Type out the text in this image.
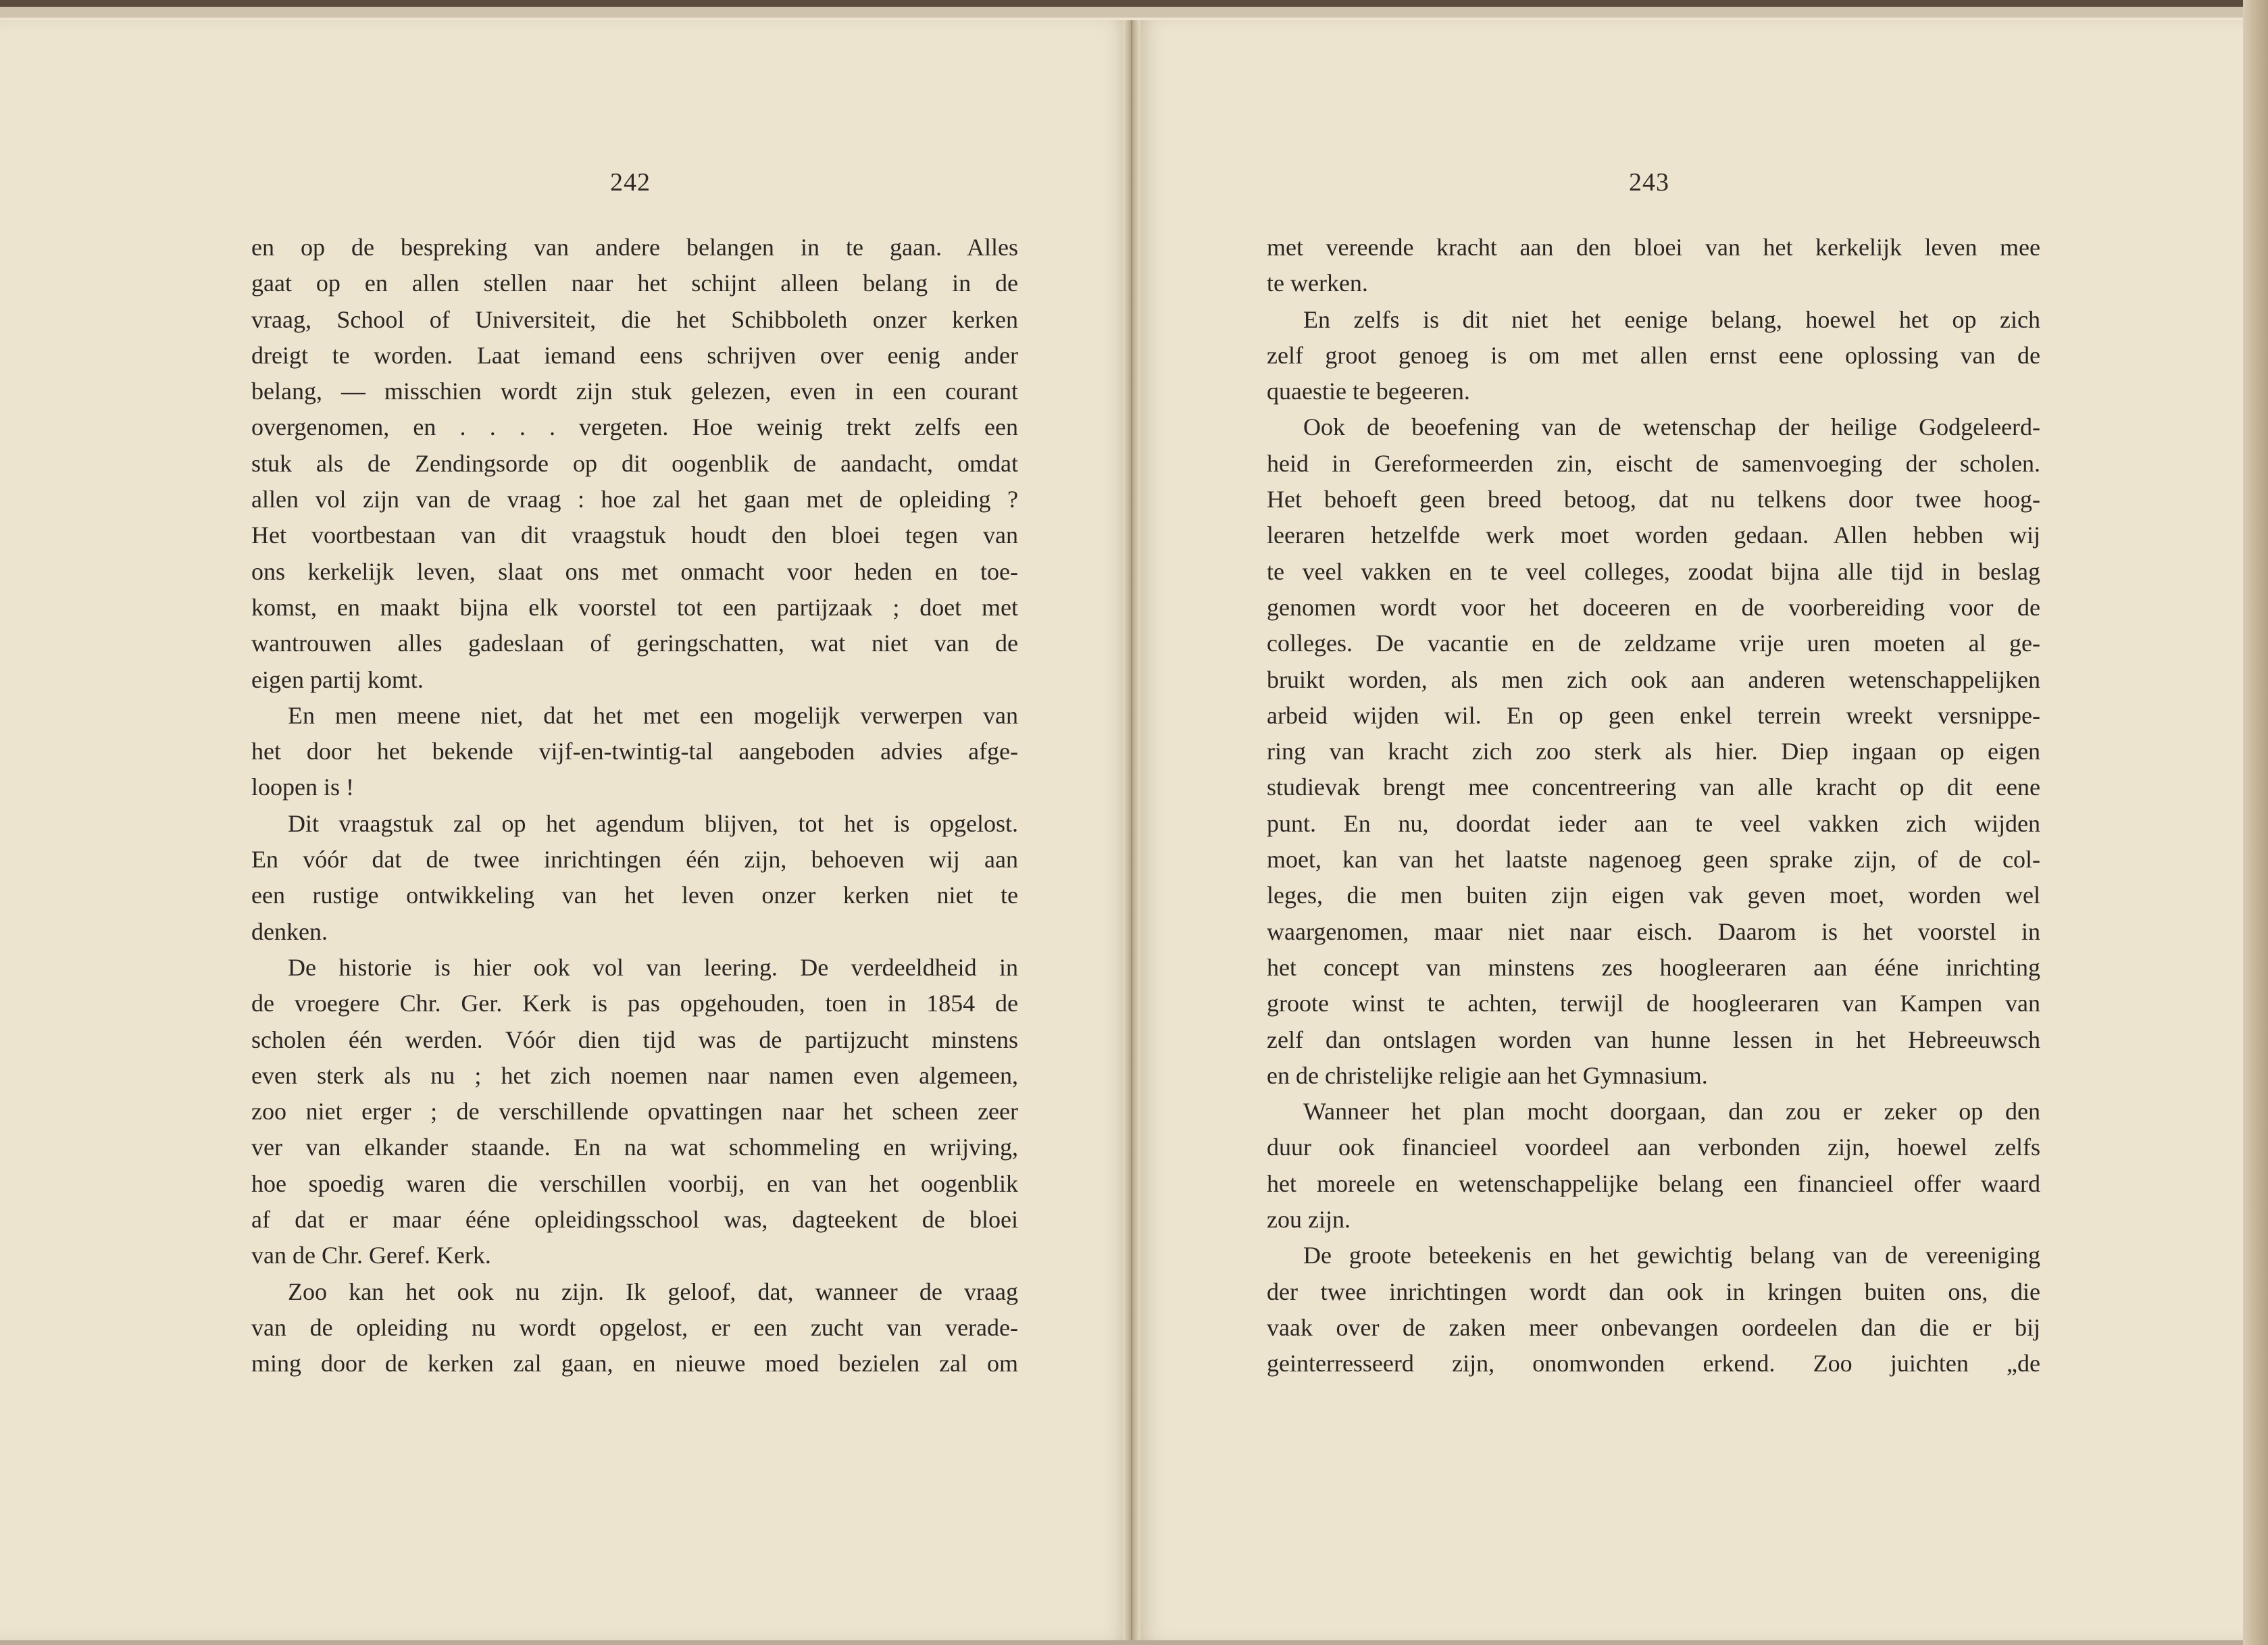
242	243
en op de bespreking van andere belangen in te gaan. Alles
gaat op en allen stellen naar het schijnt alleen belang in de
vraag, School of Universiteit, die het Schibboleth onzer kerken
dreigt te worden. Laat iemand eens schrijven over eenig ander
belang, — misschien wordt zijn stuk gelezen, even in een courant
overgenomen, en . . . . vergeten. Hoe weinig trekt zelfs een
stuk als de Zendingsorde op dit oogenblik de aandacht, omdat
allen vol zijn van de vraag : hoe zal het gaan met de opleiding ?
Het voortbestaan van dit vraagstuk houdt den bloei tegen van
ons kerkelijk leven, slaat ons met onmacht voor heden en toe-
komst, en maakt bijna elk voorstel tot een partijzaak ; doet met
wantrouwen alles gadeslaan of geringschatten, wat niet van de
eigen partij komt.
En men meene niet, dat het met een mogelijk verwerpen van
het door het bekende vijf-en-twintig-tal aangeboden advies afge-
loopen is !
Dit vraagstuk zal op het agendum blijven, tot het is opgelost.
En vóór dat de twee inrichtingen één zijn, behoeven wij aan
een rustige ontwikkeling van het leven onzer kerken niet te
denken.
De historie is hier ook vol van leering. De verdeeldheid in
de vroegere Chr. Ger. Kerk is pas opgehouden, toen in 1854 de
scholen één werden. Vóór dien tijd was de partijzucht minstens
even sterk als nu ; het zich noemen naar namen even algemeen,
zoo niet erger ; de verschillende opvattingen naar het scheen zeer
ver van elkander staande. En na wat schommeling en wrijving,
hoe spoedig waren die verschillen voorbij, en van het oogenblik
af dat er maar éénе opleidingsschool was, dagteekent de bloei
van de Chr. Geref. Kerk.
Zoo kan het ook nu zijn. Ik geloof, dat, wanneer de vraag
van de opleiding nu wordt opgelost, er een zucht van verade-
ming door de kerken zal gaan, en nieuwe moed bezielen zal om
met vereende kracht aan den bloei van het kerkelijk leven mee
te werken.
En zelfs is dit niet het eenige belang, hoewel het op zich
zelf groot genoeg is om met allen ernst eene oplossing van de
quaestie te begeeren.
Ook de beoefening van de wetenschap der heilige Godgeleerd-
heid in Gereformeerden zin, eischt de samenvoeging der scholen.
Het behoeft geen breed betoog, dat nu telkens door twee hoog-
leeraren hetzelfde werk moet worden gedaan. Allen hebben wij
te veel vakken en te veel colleges, zoodat bijna alle tijd in beslag
genomen wordt voor het doceeren en de voorbereiding voor de
colleges. De vacantie en de zeldzame vrije uren moeten al ge-
bruikt worden, als men zich ook aan anderen wetenschappelijken
arbeid wijden wil. En op geen enkel terrein wreekt versnippe-
ring van kracht zich zoo sterk als hier. Diep ingaan op eigen
studievak brengt mee concentreering van alle kracht op dit eene
punt. En nu, doordat ieder aan te veel vakken zich wijden
moet, kan van het laatste nagenoeg geen sprake zijn, of de col-
leges, die men buiten zijn eigen vak geven moet, worden wel
waargenomen, maar niet naar eisch. Daarom is het voorstel in
het concept van minstens zes hoogleeraren aan éénе inrichting
groote winst te achten, terwijl de hoogleeraren van Kampen van
zelf dan ontslagen worden van hunne lessen in het Hebreeuwsch
en de christelijke religie aan het Gymnasium.
Wanneer het plan mocht doorgaan, dan zou er zeker op den
duur ook financieel voordeel aan verbonden zijn, hoewel zelfs
het moreele en wetenschappelijke belang een financieel offer waard
zou zijn.
De groote beteekenis en het gewichtig belang van de vereeniging
der twee inrichtingen wordt dan ook in kringen buiten ons, die
vaak over de zaken meer onbevangen oordeelen dan die er bij
geinterresseerd zijn, onomwonden erkend. Zoo juichten „de
